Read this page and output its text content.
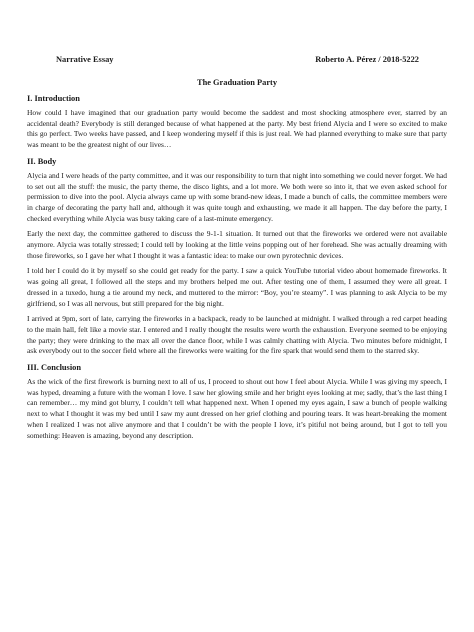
Narrative Essay	Roberto A. Pérez / 2018-5222
The Graduation Party
I. Introduction

How could I have imagined that our graduation party would become the saddest and most shocking atmosphere ever, starred by an accidental death? Everybody is still deranged because of what happened at the party. My best friend Alycia and I were so excited to make this go perfect. Two weeks have passed, and I keep wondering myself if this is just real. We had planned everything to make sure that party was meant to be the greatest night of our lives…

II. Body

Alycia and I were heads of the party committee, and it was our responsibility to turn that night into something we could never forget. We had to set out all the stuff: the music, the party theme, the disco lights, and a lot more. We both were so into it, that we even asked school for permission to dive into the pool. Alycia always came up with some brand-new ideas, I made a bunch of calls, the committee members were in charge of decorating the party hall and, although it was quite tough and exhausting, we made it all happen. The day before the party, I checked everything while Alycia was busy taking care of a last-minute emergency.

Early the next day, the committee gathered to discuss the 9-1-1 situation. It turned out that the fireworks we ordered were not available anymore. Alycia was totally stressed; I could tell by looking at the little veins popping out of her forehead. She was actually dreaming with those fireworks, so I gave her what I thought it was a fantastic idea: to make our own pyrotechnic devices.

I told her I could do it by myself so she could get ready for the party. I saw a quick YouTube tutorial video about homemade fireworks. It was going all great, I followed all the steps and my brothers helped me out. After testing one of them, I assumed they were all great. I dressed in a tuxedo, hung a tie around my neck, and muttered to the mirror: “Boy, you’re steamy”. I was planning to ask Alycia to be my girlfriend, so I was all nervous, but still prepared for the big night.

I arrived at 9pm, sort of late, carrying the fireworks in a backpack, ready to be launched at midnight. I walked through a red carpet heading to the main hall, felt like a movie star. I entered and I really thought the results were worth the exhaustion. Everyone seemed to be enjoying the party; they were drinking to the max all over the dance floor, while I was calmly chatting with Alycia. Two minutes before midnight, I ask everybody out to the soccer field where all the fireworks were waiting for the fire spark that would send them to the starred sky.

III. Conclusion

As the wick of the first firework is burning next to all of us, I proceed to shout out how I feel about Alycia. While I was giving my speech, I was hyped, dreaming a future with the woman I love. I saw her glowing smile and her bright eyes looking at me; sadly, that’s the last thing I can remember… my mind got blurry, I couldn’t tell what happened next. When I opened my eyes again, I saw a bunch of people walking next to what I thought it was my bed until I saw my aunt dressed on her grief clothing and pouring tears. It was heart-breaking the moment when I realized I was not alive anymore and that I couldn’t be with the people I love, it’s pitiful not being around, but I got to tell you something: Heaven is amazing, beyond any description.
